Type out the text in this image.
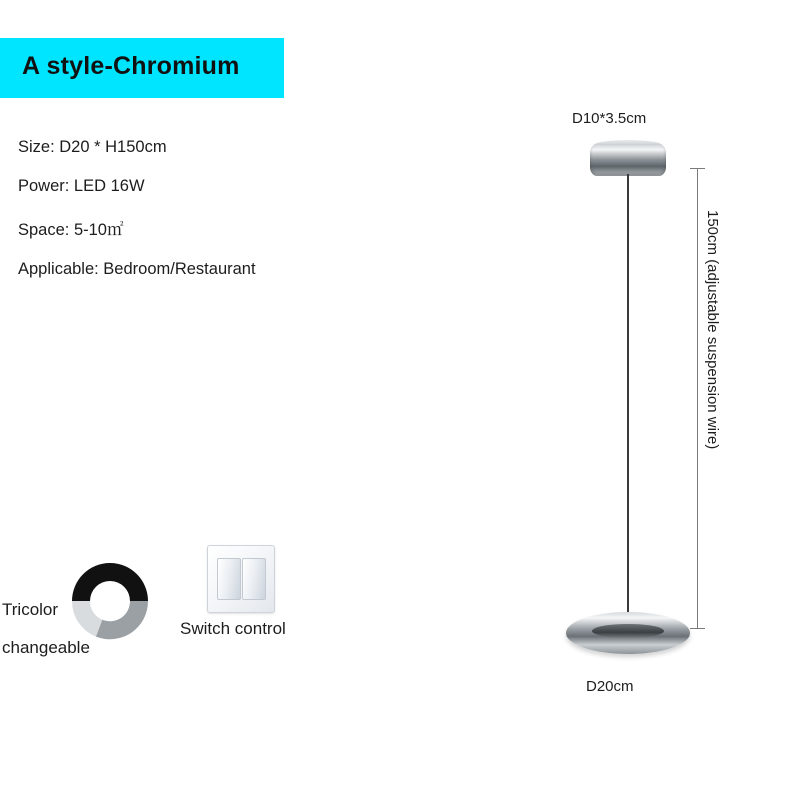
A style-Chromium
Size: D20 * H150cm
Power: LED 16W
Space: 5-10㎡
Applicable: Bedroom/Restaurant
Tricolor
changeable
Switch control
D10*3.5cm
D20cm
150cm (adjustable suspension wire)
